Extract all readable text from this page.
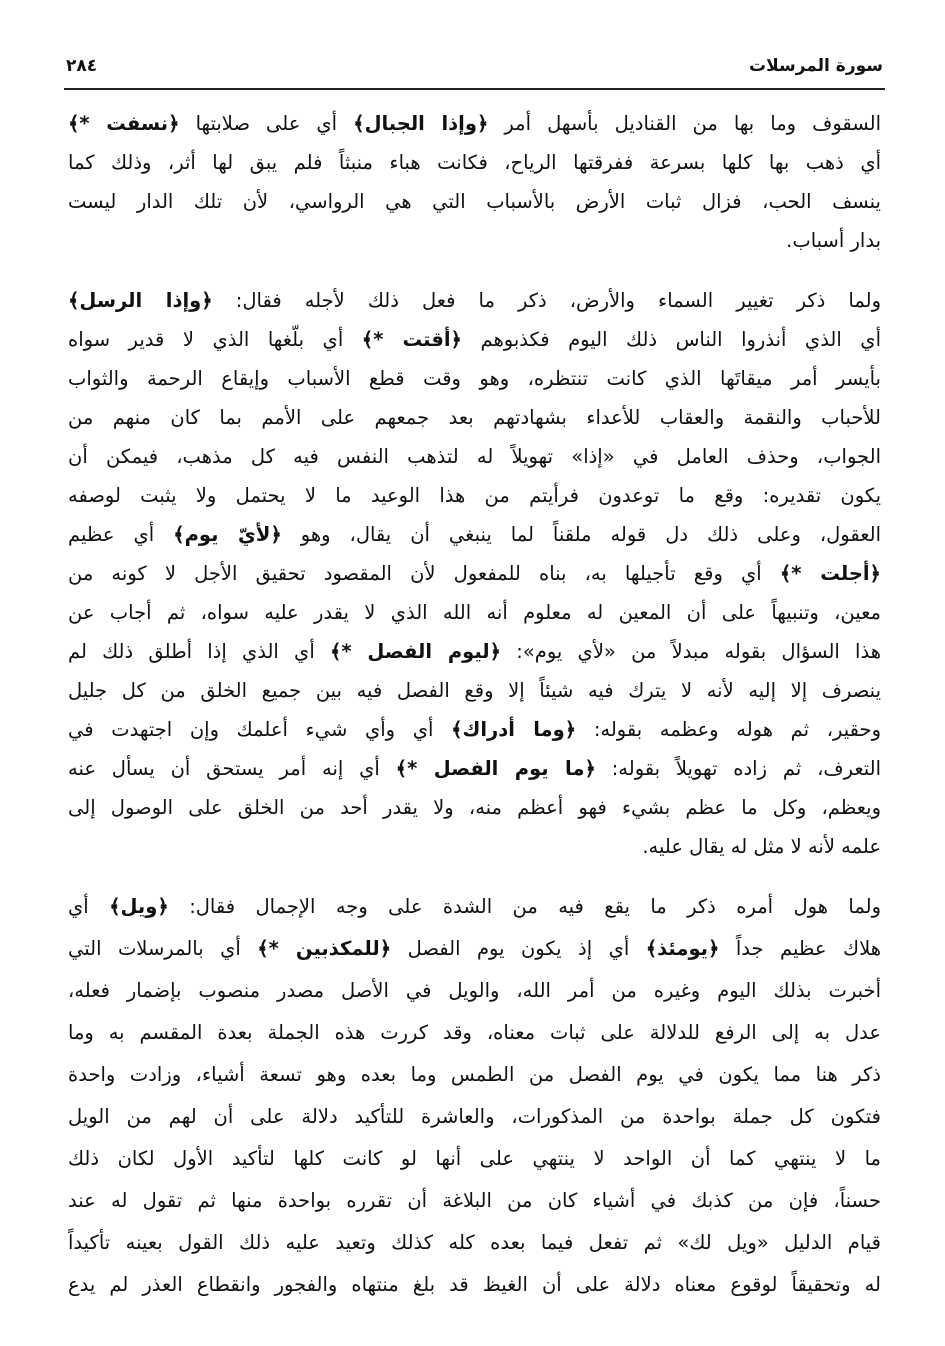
سورة المرسلات
٢٨٤
السقوف وما بها من القناديل بأسهل أمر ﴿وإذا الجبال﴾ أي على صلابتها ﴿نسفت *﴾
أي ذهب بها كلها بسرعة ففرقتها الرياح، فكانت هباء منبثاً فلم يبق لها أثر، وذلك كما
ينسف الحب، فزال ثبات الأرض بالأسباب التي هي الرواسي، لأن تلك الدار ليست
بدار أسباب.
ولما ذكر تغيير السماء والأرض، ذكر ما فعل ذلك لأجله فقال: ﴿وإذا الرسل﴾
أي الذي أنذروا الناس ذلك اليوم فكذبوهم ﴿أقتت *﴾ أي بلّغها الذي لا قدير سواه
بأيسر أمر ميقاتَها الذي كانت تنتظره، وهو وقت قطع الأسباب وإيقاع الرحمة والثواب
للأحباب والنقمة والعقاب للأعداء بشهادتهم بعد جمعهم على الأمم بما كان منهم من
الجواب، وحذف العامل في «إذا» تهويلاً له لتذهب النفس فيه كل مذهب، فيمكن أن
يكون تقديره: وقع ما توعدون فرأيتم من هذا الوعيد ما لا يحتمل ولا يثبت لوصفه
العقول، وعلى ذلك دل قوله ملقناً لما ينبغي أن يقال، وهو ﴿لأيّ يوم﴾ أي عظيم
﴿أجلت *﴾ أي وقع تأجيلها به، بناه للمفعول لأن المقصود تحقيق الأجل لا كونه من
معين، وتنبيهاً على أن المعين له معلوم أنه الله الذي لا يقدر عليه سواه، ثم أجاب عن
هذا السؤال بقوله مبدلاً من «لأي يوم»: ﴿ليوم الفصل *﴾ أي الذي إذا أطلق ذلك لم
ينصرف إلا إليه لأنه لا يترك فيه شيئاً إلا وقع الفصل فيه بين جميع الخلق من كل جليل
وحقير، ثم هوله وعظمه بقوله: ﴿وما أدراك﴾ أي وأي شيء أعلمك وإن اجتهدت في
التعرف، ثم زاده تهويلاً بقوله: ﴿ما يوم الفصل *﴾ أي إنه أمر يستحق أن يسأل عنه
ويعظم، وكل ما عظم بشيء فهو أعظم منه، ولا يقدر أحد من الخلق على الوصول إلى
علمه لأنه لا مثل له يقال عليه.
ولما هول أمره ذكر ما يقع فيه من الشدة على وجه الإجمال فقال: ﴿ويل﴾ أي
هلاك عظيم جداً ﴿يومئذ﴾ أي إذ يكون يوم الفصل ﴿للمكذبين *﴾ أي بالمرسلات التي
أخبرت بذلك اليوم وغيره من أمر الله، والويل في الأصل مصدر منصوب بإضمار فعله،
عدل به إلى الرفع للدلالة على ثبات معناه، وقد كررت هذه الجملة بعدة المقسم به وما
ذكر هنا مما يكون في يوم الفصل من الطمس وما بعده وهو تسعة أشياء، وزادت واحدة
فتكون كل جملة بواحدة من المذكورات، والعاشرة للتأكيد دلالة على أن لهم من الويل
ما لا ينتهي كما أن الواحد لا ينتهي على أنها لو كانت كلها لتأكيد الأول لكان ذلك
حسناً، فإن من كذبك في أشياء كان من البلاغة أن تقرره بواحدة منها ثم تقول له عند
قيام الدليل «ويل لك» ثم تفعل فيما بعده كله كذلك وتعيد عليه ذلك القول بعينه تأكيداً
له وتحقيقاً لوقوع معناه دلالة على أن الغيظ قد بلغ منتهاه والفجور وانقطاع العذر لم يدع
